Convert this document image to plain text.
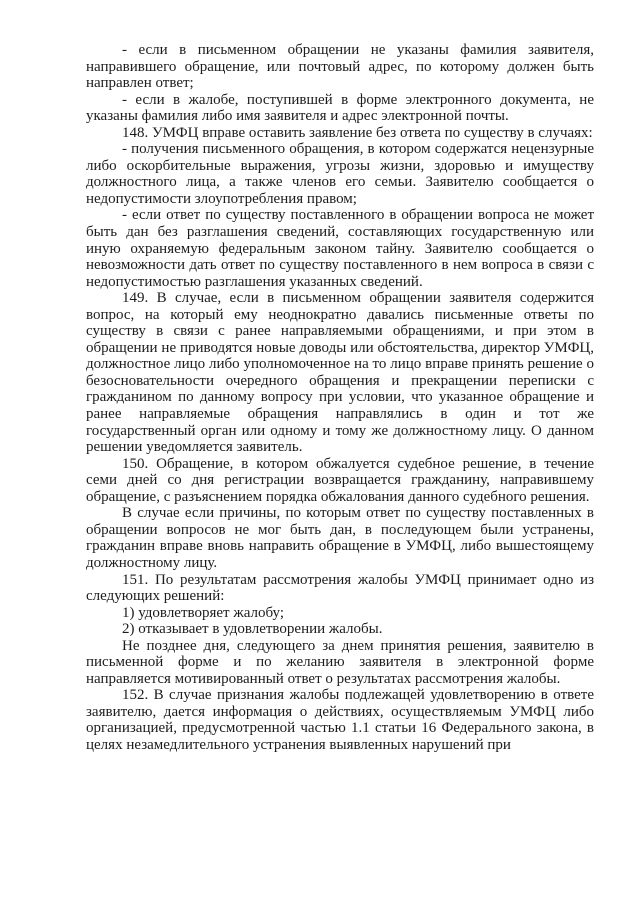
- если в письменном обращении не указаны фамилия заявителя, направившего обращение, или почтовый адрес, по которому должен быть направлен ответ;

- если в жалобе, поступившей в форме электронного документа, не указаны фамилия либо имя заявителя и адрес электронной почты.

148. УМФЦ вправе оставить заявление без ответа по существу в случаях:

- получения письменного обращения, в котором содержатся нецензурные либо оскорбительные выражения, угрозы жизни, здоровью и имуществу должностного лица, а также членов его семьи. Заявителю сообщается о недопустимости злоупотребления правом;

- если ответ по существу поставленного в обращении вопроса не может быть дан без разглашения сведений, составляющих государственную или иную охраняемую федеральным законом тайну. Заявителю сообщается о невозможности дать ответ по существу поставленного в нем вопроса в связи с недопустимостью разглашения указанных сведений.

149. В случае, если в письменном обращении заявителя содержится вопрос, на который ему неоднократно давались письменные ответы по существу в связи с ранее направляемыми обращениями, и при этом в обращении не приводятся новые доводы или обстоятельства, директор УМФЦ, должностное лицо либо уполномоченное на то лицо вправе принять решение о безосновательности очередного обращения и прекращении переписки с гражданином по данному вопросу при условии, что указанное обращение и ранее направляемые обращения направлялись в один и тот же государственный орган или одному и тому же должностному лицу. О данном решении уведомляется заявитель.

150. Обращение, в котором обжалуется судебное решение, в течение семи дней со дня регистрации возвращается гражданину, направившему обращение, с разъяснением порядка обжалования данного судебного решения.

В случае если причины, по которым ответ по существу поставленных в обращении вопросов не мог быть дан, в последующем были устранены, гражданин вправе вновь направить обращение в УМФЦ, либо вышестоящему должностному лицу.

151. По результатам рассмотрения жалобы УМФЦ принимает одно из следующих решений:

1) удовлетворяет жалобу;

2) отказывает в удовлетворении жалобы.

Не позднее дня, следующего за днем принятия решения, заявителю в письменной форме и по желанию заявителя в электронной форме направляется мотивированный ответ о результатах рассмотрения жалобы.

152. В случае признания жалобы подлежащей удовлетворению в ответе заявителю, дается информация о действиях, осуществляемым УМФЦ либо организацией, предусмотренной частью 1.1 статьи 16 Федерального закона, в целях незамедлительного устранения выявленных нарушений при
